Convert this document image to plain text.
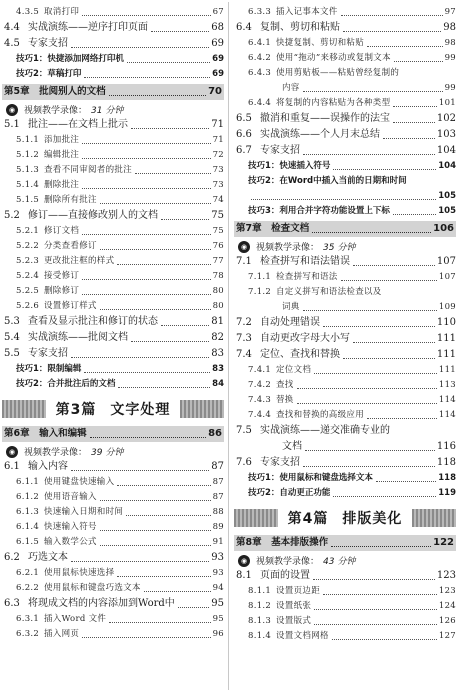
4.3.5 取消打印	67
4.4 实战演练——逆序打印页面	68
4.5 专家支招	69
技巧1：快捷添加网络打印机	69
技巧2：草稿打印	69
第5章　批阅别人的文档	70
◉ 视频教学录像： 31 分钟
5.1 批注——在文档上批示	71
5.1.1 添加批注	71
5.1.2 编辑批注	72
5.1.3 查看不同审阅者的批注	73
5.1.4 删除批注	73
5.1.5 删除所有批注	74
5.2 修订——直接修改别人的文档	75
5.2.1 修订文档	75
5.2.2 分类查看修订	76
5.2.3 更改批注框的样式	77
5.2.4 接受修订	78
5.2.5 删除修订	80
5.2.6 设置修订样式	80
5.3 查看及显示批注和修订的状态	81
5.4 实战演练——批阅文档	82
5.5 专家支招	83
技巧1：限制编辑	83
技巧2：合并批注后的文档	84
第3篇 文字处理
第6章　输入和编辑	86
◉ 视频教学录像： 39 分钟
6.1 输入内容	87
6.1.1 使用键盘快速输入	87
6.1.2 使用语音输入	87
6.1.3 快速输入日期和时间	88
6.1.4 快速输入符号	89
6.1.5 输入数学公式	91
6.2 巧选文本	93
6.2.1 使用鼠标快速选择	93
6.2.2 使用鼠标和键盘巧选文本	94
6.3 将现成文档的内容添加到Word中	95
6.3.1 插入Word 文件	95
6.3.2 插入网页	96
6.3.3 插入记事本文件	97
6.4 复制、剪切和粘贴	98
6.4.1 快捷复制、剪切和粘贴	98
6.4.2 使用“拖动”来移动或复制文本	99
6.4.3 使用剪贴板——粘贴曾经复制的
内容	99
6.4.4 将复制的内容粘贴为各种类型	101
6.5 撤消和重复——误操作的法宝	102
6.6 实战演练——个人月末总结	103
6.7 专家支招	104
技巧1：快速插入符号	104
技巧2：在Word中插入当前的日期和时间
105
技巧3：利用合并字符功能设置上下标	105
第7章　检查文档	106
◉ 视频教学录像： 35 分钟
7.1 检查拼写和语法错误	107
7.1.1 检查拼写和语法	107
7.1.2 自定义拼写和语法检查以及
词典	109
7.2 自动处理错误	110
7.3 自动更改字母大小写	111
7.4 定位、查找和替换	111
7.4.1 定位文档	111
7.4.2 查找	113
7.4.3 替换	114
7.4.4 查找和替换的高级应用	114
7.5 实战演练——递交准确专业的
文档	116
7.6 专家支招	118
技巧1：使用鼠标和键盘选择文本	118
技巧2：自动更正功能	119
第4篇 排版美化
第8章　基本排版操作	122
◉ 视频教学录像： 43 分钟
8.1 页面的设置	123
8.1.1 设置页边距	123
8.1.2 设置纸张	124
8.1.3 设置版式	126
8.1.4 设置文档网格	127
